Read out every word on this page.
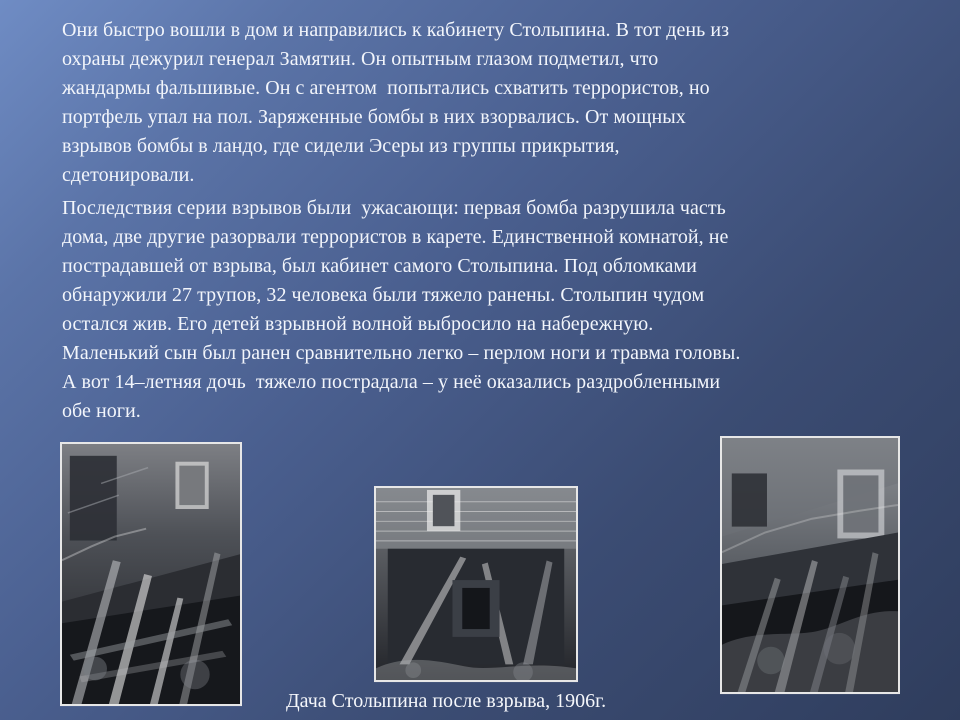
Они быстро вошли в дом и направились к кабинету Столыпина. В тот день из
охраны дежурил генерал Замятин. Он опытным глазом подметил, что
жандармы фальшивые. Он с агентом  попытались схватить террористов, но
портфель упал на пол. Заряженные бомбы в них взорвались. От мощных
взрывов бомбы в ландо, где сидели Эсеры из группы прикрытия,
сдетонировали.

Последствия серии взрывов были  ужасающи: первая бомба разрушила часть
дома, две другие разорвали террористов в карете. Единственной комнатой, не
пострадавшей от взрыва, был кабинет самого Столыпина. Под обломками
обнаружили 27 трупов, 32 человека были тяжело ранены. Столыпин чудом
остался жив. Его детей взрывной волной выбросило на набережную.
Маленький сын был ранен сравнительно легко – перлом ноги и травма головы.
А вот 14–летняя дочь  тяжело пострадала – у неё оказались раздробленными
обе ноги.

Дача Столыпина после взрыва, 1906г.
